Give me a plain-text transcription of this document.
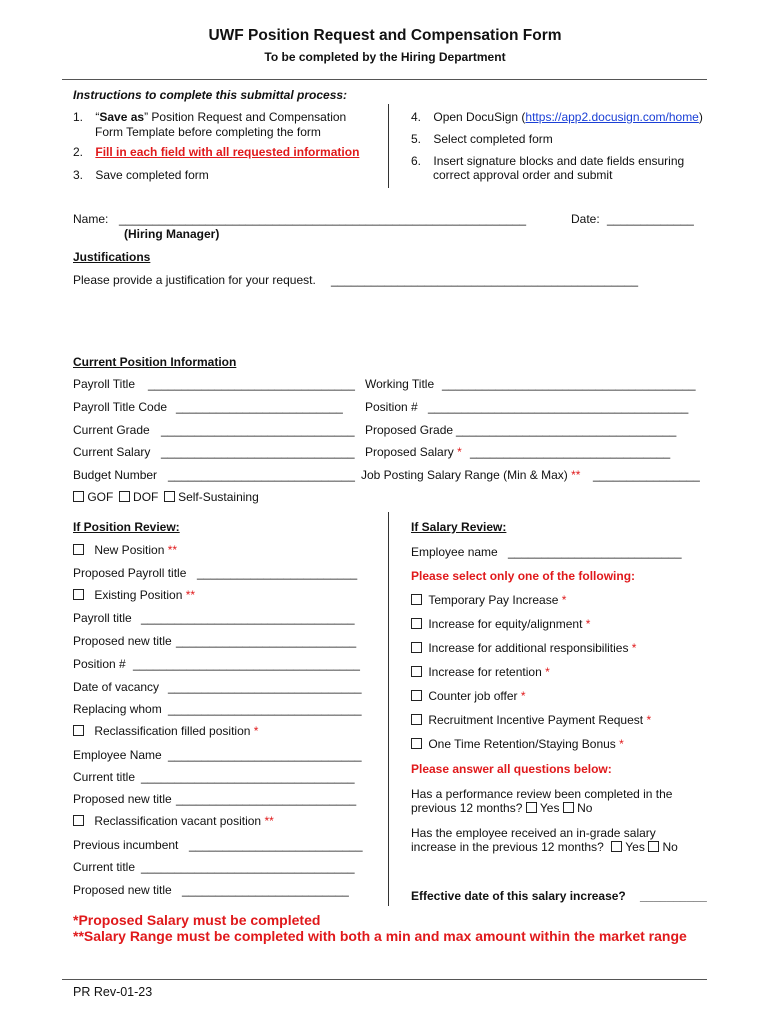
UWF Position Request and Compensation Form
To be completed by the Hiring Department
Instructions to complete this submittal process:
1. “Save as” Position Request and Compensation
Form Template before completing the form
2. Fill in each field with all requested information
3. Save completed form
4. Open DocuSign (https://app2.docusign.com/home)
5. Select completed form
6. Insert signature blocks and date fields ensuring
correct approval order and submit
Name: _____________________________________________________________	Date: _____________
(Hiring Manager)
Justifications
Please provide a justification for your request. ______________________________________________
Current Position Information
Payroll Title _______________________________ Working Title ______________________________________
Payroll Title Code _________________________ Position # _______________________________________
Current Grade _____________________________ Proposed Grade _________________________________
Current Salary _____________________________ Proposed Salary * ______________________________
Budget Number ____________________________ Job Posting Salary Range (Min & Max) ** ________________
GOF DOF Self-Sustaining
If Position Review:
New Position **
Proposed Payroll title ________________________
Existing Position **
Payroll title ________________________________
Proposed new title ___________________________
Position # __________________________________
Date of vacancy _____________________________
Replacing whom _____________________________
Reclassification filled position *
Employee Name _____________________________
Current title ________________________________
Proposed new title ___________________________
Reclassification vacant position **
Previous incumbent __________________________
Current title ________________________________
Proposed new title _________________________
If Salary Review:
Employee name __________________________
Please select only one of the following:
Temporary Pay Increase *
Increase for equity/alignment *
Increase for additional responsibilities *
Increase for retention *
Counter job offer *
Recruitment Incentive Payment Request *
One Time Retention/Staying Bonus *
Please answer all questions below:
Has a performance review been completed in the
previous 12 months? Yes No
Has the employee received an in-grade salary
increase in the previous 12 months? Yes No
Effective date of this salary increase? __________
*Proposed Salary must be completed
**Salary Range must be completed with both a min and max amount within the market range
PR Rev-01-23
